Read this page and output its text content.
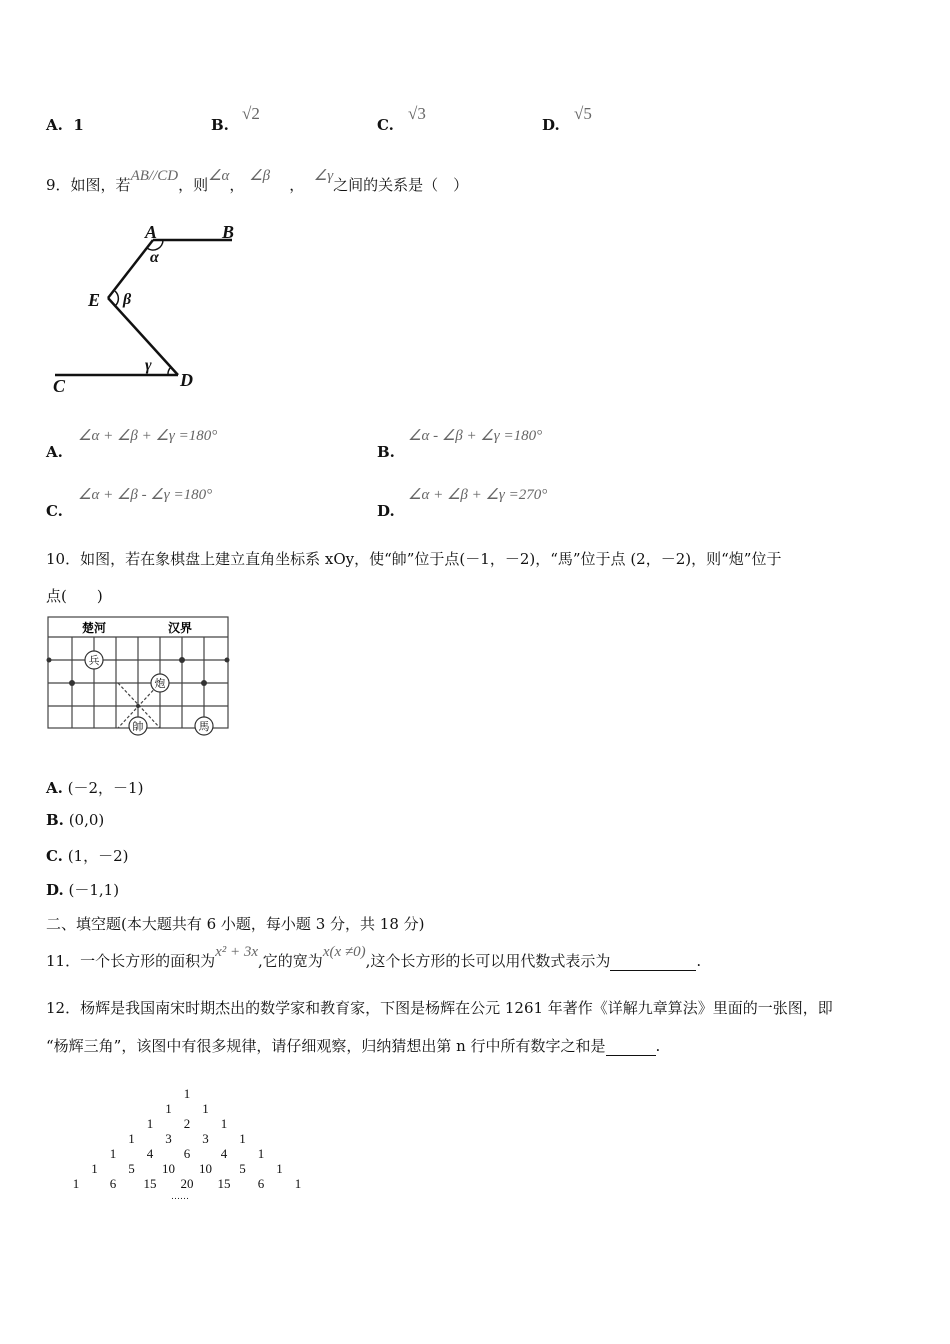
A. 1	B.
√2
C.
√3
D.
√5
9．如图，若AB//CD，则∠α， ∠β ， ∠γ之间的关系是（　）
A	B
E
C	D
α
β
γ
A.
∠α + ∠β + ∠γ =180°
B.
∠α - ∠β + ∠γ =180°
C.
∠α + ∠β - ∠γ =180°
D.
∠α + ∠β + ∠γ =270°
10．如图，若在象棋盘上建立直角坐标系 xOy，使“帥”位于点(－1，－2)，“馬”位于点 (2，－2)，则“炮”位于
点(　　)
楚河	汉界
兵
炮
帥	馬
A. (－2，－1)
B. (0,0)
C. (1，－2)
D. (－1,1)
二、填空题(本大题共有 6 小题，每小题 3 分，共 18 分)
11．一个长方形的面积为x² + 3x,它的宽为x(x ≠0),这个长方形的长可以用代数式表示为	.
12．杨辉是我国南宋时期杰出的数学家和教育家，下图是杨辉在公元 1261 年著作《详解九章算法》里面的一张图，即
“杨辉三角”，该图中有很多规律，请仔细观察，归纳猜想出第 n 行中所有数字之和是	.
1
1 1
1 2 1
1 3 3 1
1 4 6 4 1
1 5 10 10 5 1
1 6 15 20 15 6 1
……
